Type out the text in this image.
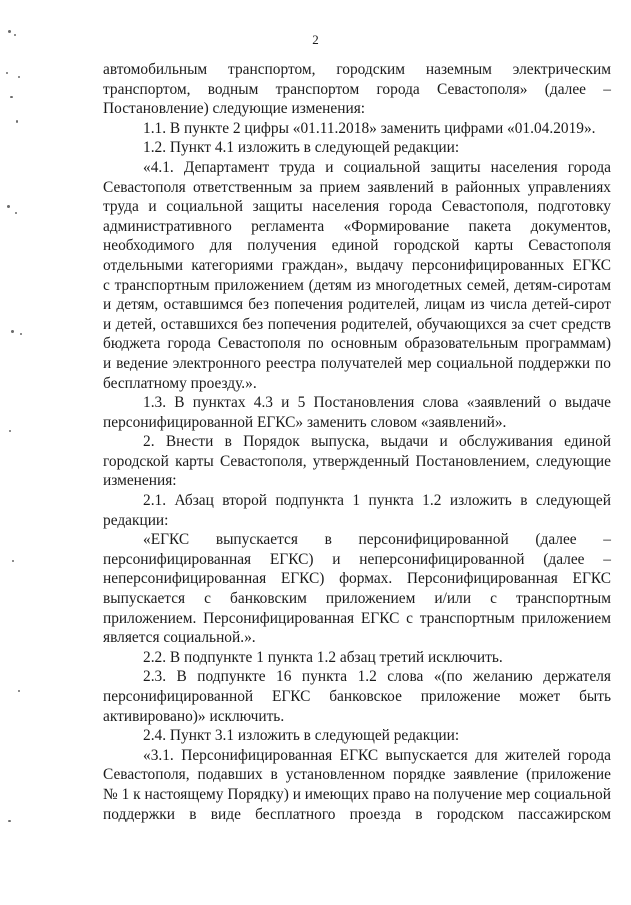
2
автомобильным транспортом, городским наземным электрическим
транспортом, водным транспортом города Севастополя» (далее –
Постановление) следующие изменения:
1.1. В пункте 2 цифры «01.11.2018» заменить цифрами «01.04.2019».
1.2. Пункт 4.1 изложить в следующей редакции:
«4.1. Департамент труда и социальной защиты населения города
Севастополя ответственным за прием заявлений в районных управлениях
труда и социальной защиты населения города Севастополя, подготовку
административного регламента «Формирование пакета документов,
необходимого для получения единой городской карты Севастополя
отдельными категориями граждан», выдачу персонифицированных ЕГКС
с транспортным приложением (детям из многодетных семей, детям-сиротам
и детям, оставшимся без попечения родителей, лицам из числа детей-сирот
и детей, оставшихся без попечения родителей, обучающихся за счет средств
бюджета города Севастополя по основным образовательным программам)
и ведение электронного реестра получателей мер социальной поддержки по
бесплатному проезду.».
1.3. В пунктах 4.3 и 5 Постановления слова «заявлений о выдаче
персонифицированной ЕГКС» заменить словом «заявлений».
2. Внести в Порядок выпуска, выдачи и обслуживания единой
городской карты Севастополя, утвержденный Постановлением, следующие
изменения:
2.1. Абзац второй подпункта 1 пункта 1.2 изложить в следующей
редакции:
«ЕГКС выпускается в персонифицированной (далее –
персонифицированная ЕГКС) и неперсонифицированной (далее –
неперсонифицированная ЕГКС) формах. Персонифицированная ЕГКС
выпускается с банковским приложением и/или с транспортным
приложением. Персонифицированная ЕГКС с транспортным приложением
является социальной.».
2.2. В подпункте 1 пункта 1.2 абзац третий исключить.
2.3. В подпункте 16 пункта 1.2 слова «(по желанию держателя
персонифицированной ЕГКС банковское приложение может быть
активировано)» исключить.
2.4. Пункт 3.1 изложить в следующей редакции:
«3.1. Персонифицированная ЕГКС выпускается для жителей города
Севастополя, подавших в установленном порядке заявление (приложение
№ 1 к настоящему Порядку) и имеющих право на получение мер социальной
поддержки в виде бесплатного проезда в городском пассажирском
